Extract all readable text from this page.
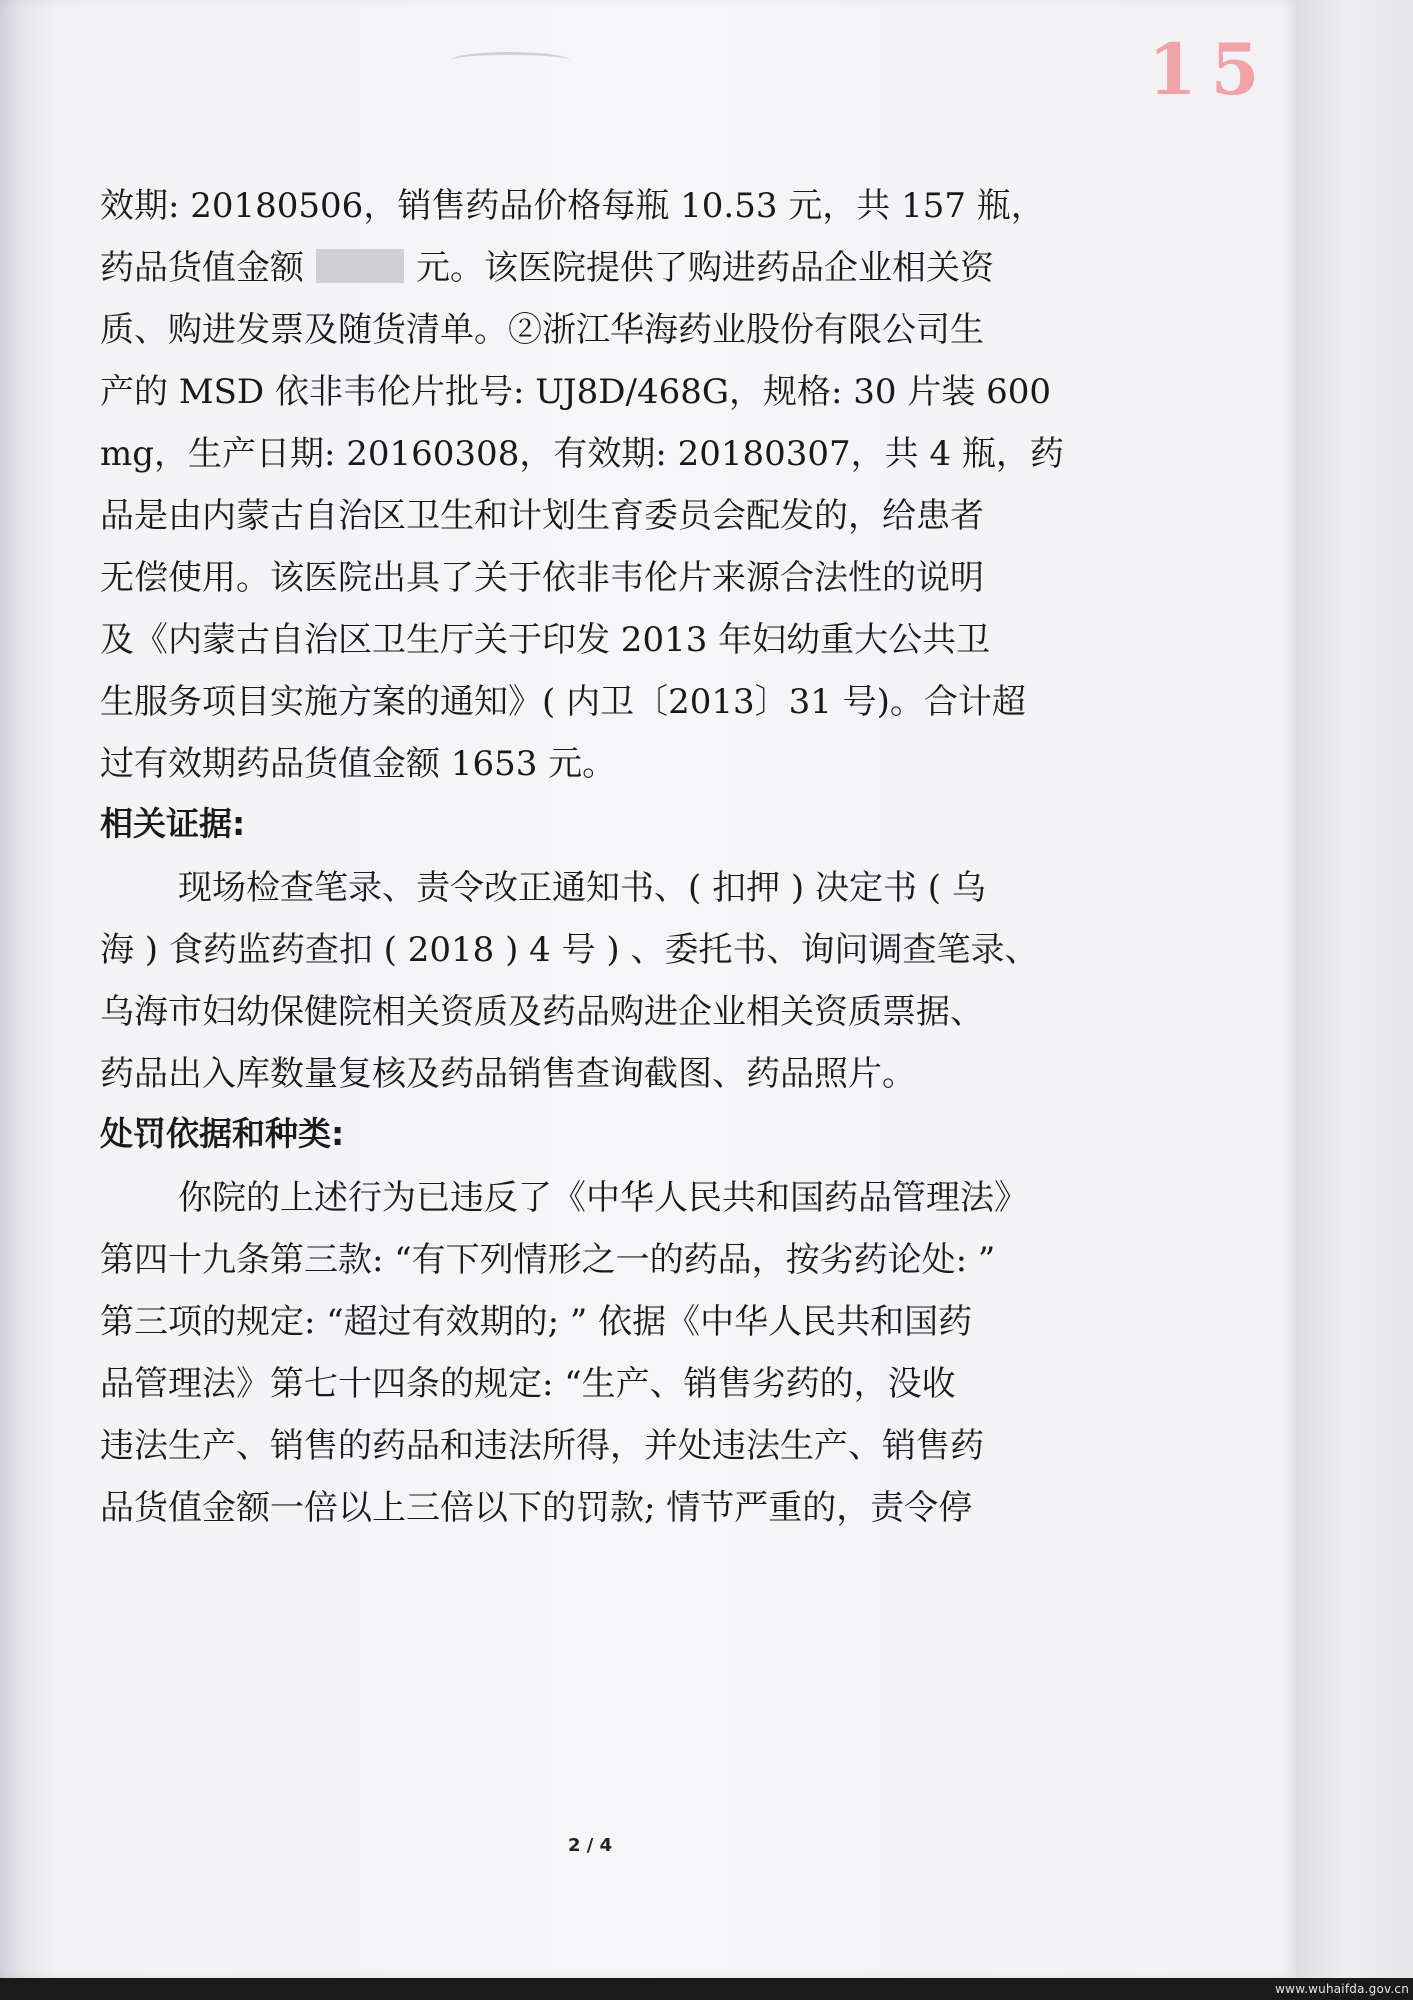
15
效期: 20180506，销售药品价格每瓶 10.53 元，共 157 瓶，
药品货值金额	元。该医院提供了购进药品企业相关资
质、购进发票及随货清单。②浙江华海药业股份有限公司生
产的 MSD 依非韦伦片批号: UJ8D/468G，规格: 30 片装 600
mg，生产日期: 20160308，有效期: 20180307，共 4 瓶，药
品是由内蒙古自治区卫生和计划生育委员会配发的，给患者
无偿使用。该医院出具了关于依非韦伦片来源合法性的说明
及《内蒙古自治区卫生厅关于印发 2013 年妇幼重大公共卫
生服务项目实施方案的通知》( 内卫〔2013〕31 号)。合计超
过有效期药品货值金额 1653 元。
相关证据:
现场检查笔录、责令改正通知书、( 扣押 ) 决定书 ( 乌
海 ) 食药监药查扣 ( 2018 ) 4 号 ) 、委托书、询问调查笔录、
乌海市妇幼保健院相关资质及药品购进企业相关资质票据、
药品出入库数量复核及药品销售查询截图、药品照片。
处罚依据和种类:
你院的上述行为已违反了《中华人民共和国药品管理法》
第四十九条第三款: “有下列情形之一的药品，按劣药论处: ”
第三项的规定: “超过有效期的; ” 依据《中华人民共和国药
品管理法》第七十四条的规定: “生产、销售劣药的，没收
违法生产、销售的药品和违法所得，并处违法生产、销售药
品货值金额一倍以上三倍以下的罚款; 情节严重的，责令停
2 / 4
www.wuhaifda.gov.cn
